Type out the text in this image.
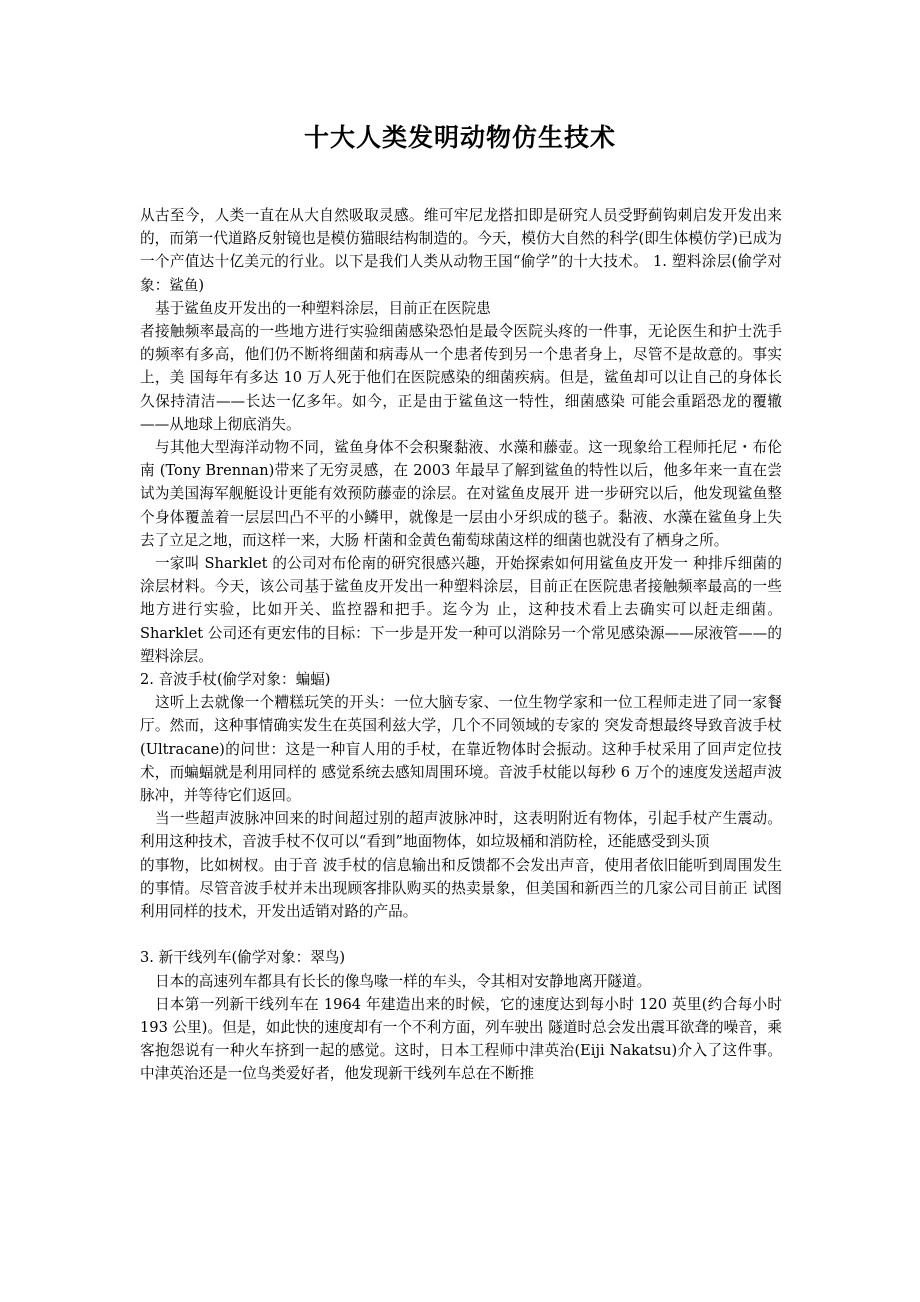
十大人类发明动物仿生技术

从古至今，人类一直在从大自然吸取灵感。维可牢尼龙搭扣即是研究人员受野蓟钩刺启发开发出来的，而第一代道路反射镜也是模仿猫眼结构制造的。今天，模仿大自然的科学(即生体模仿学)已成为一个产值达十亿美元的行业。以下是我们人类从动物王国“偷学”的十大技术。 1. 塑料涂层(偷学对象：鲨鱼)

基于鲨鱼皮开发出的一种塑料涂层，目前正在医院患

者接触频率最高的一些地方进行实验细菌感染恐怕是最令医院头疼的一件事，无论医生和护士洗手的频率有多高，他们仍不断将细菌和病毒从一个患者传到另一个患者身上，尽管不是故意的。事实上，美 国每年有多达 10 万人死于他们在医院感染的细菌疾病。但是，鲨鱼却可以让自己的身体长久保持清洁——长达一亿多年。如今，正是由于鲨鱼这一特性，细菌感染 可能会重蹈恐龙的覆辙——从地球上彻底消失。

与其他大型海洋动物不同，鲨鱼身体不会积聚黏液、水藻和藤壶。这一现象给工程师托尼・布伦南 (Tony Brennan)带来了无穷灵感，在 2003 年最早了解到鲨鱼的特性以后，他多年来一直在尝试为美国海军舰艇设计更能有效预防藤壶的涂层。在对鲨鱼皮展开 进一步研究以后，他发现鲨鱼整个身体覆盖着一层层凹凸不平的小鳞甲，就像是一层由小牙织成的毯子。黏液、水藻在鲨鱼身上失去了立足之地，而这样一来，大肠 杆菌和金黄色葡萄球菌这样的细菌也就没有了栖身之所。

一家叫 Sharklet 的公司对布伦南的研究很感兴趣，开始探索如何用鲨鱼皮开发一 种排斥细菌的涂层材料。今天，该公司基于鲨鱼皮开发出一种塑料涂层，目前正在医院患者接触频率最高的一些地方进行实验，比如开关、监控器和把手。迄今为 止，这种技术看上去确实可以赶走细菌。Sharklet 公司还有更宏伟的目标：下一步是开发一种可以消除另一个常见感染源——尿液管——的塑料涂层。

2. 音波手杖(偷学对象：蝙蝠)

这听上去就像一个糟糕玩笑的开头：一位大脑专家、一位生物学家和一位工程师走进了同一家餐厅。然而，这种事情确实发生在英国利兹大学，几个不同领域的专家的 突发奇想最终导致音波手杖(Ultracane)的问世：这是一种盲人用的手杖，在靠近物体时会振动。这种手杖采用了回声定位技术，而蝙蝠就是利用同样的 感觉系统去感知周围环境。音波手杖能以每秒 6 万个的速度发送超声波脉冲，并等待它们返回。

当一些超声波脉冲回来的时间超过别的超声波脉冲时，这表明附近有物体，引起手杖产生震动。利用这种技术，音波手杖不仅可以“看到”地面物体，如垃圾桶和消防栓，还能感受到头顶

的事物，比如树杈。由于音 波手杖的信息输出和反馈都不会发出声音，使用者依旧能听到周围发生的事情。尽管音波手杖并未出现顾客排队购买的热卖景象，但美国和新西兰的几家公司目前正 试图利用同样的技术，开发出适销对路的产品。

3. 新干线列车(偷学对象：翠鸟)

日本的高速列车都具有长长的像鸟喙一样的车头，令其相对安静地离开隧道。

日本第一列新干线列车在 1964 年建造出来的时候，它的速度达到每小时 120 英里(约合每小时 193 公里)。但是，如此快的速度却有一个不利方面，列车驶出 隧道时总会发出震耳欲聋的噪音，乘客抱怨说有一种火车挤到一起的感觉。这时，日本工程师中津英治(Eiji Nakatsu)介入了这件事。中津英治还是一位鸟类爱好者，他发现新干线列车总在不断推
